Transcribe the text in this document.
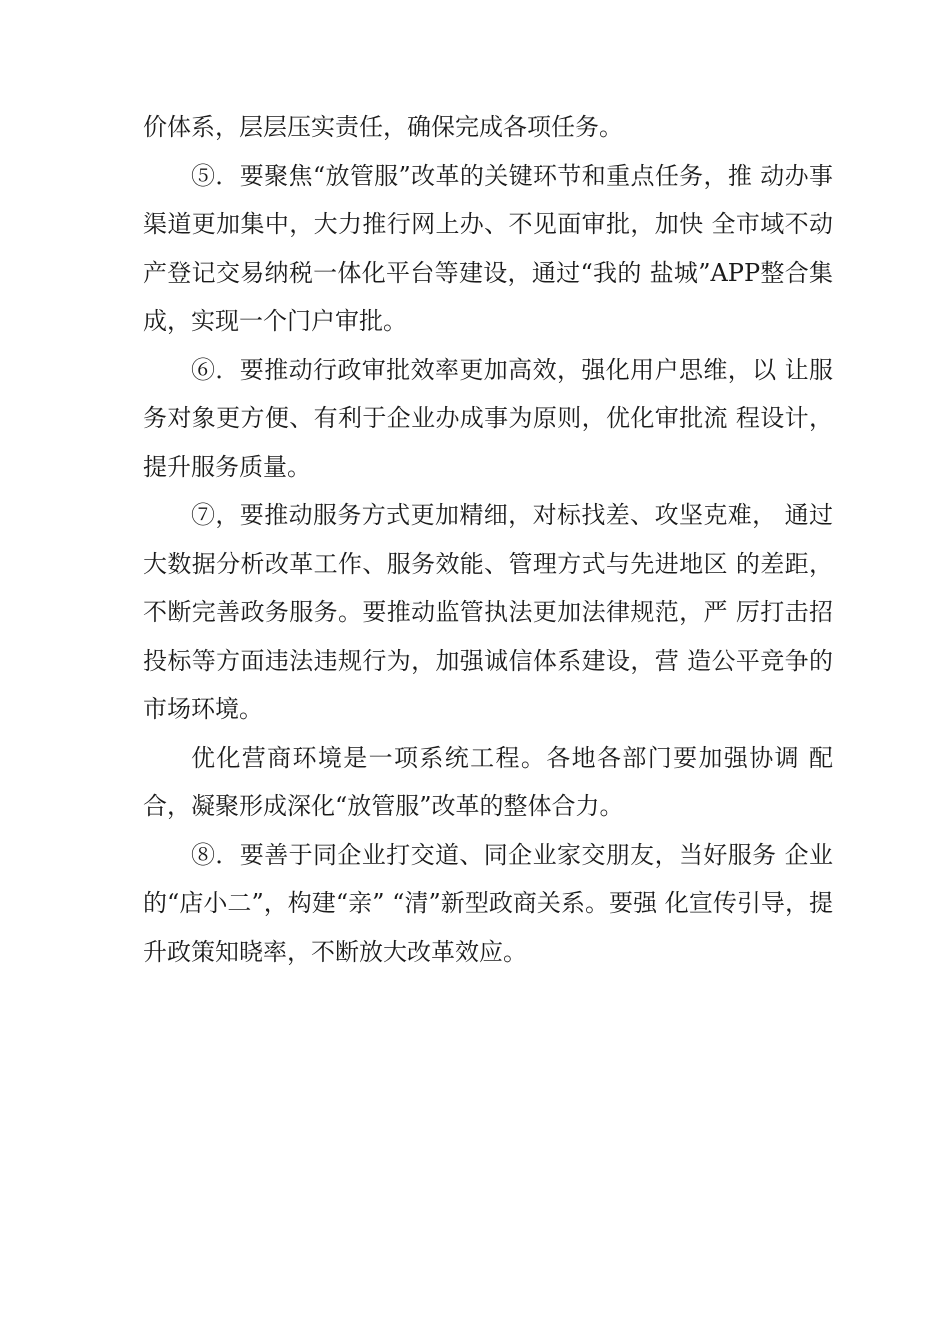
价体系，层层压实责任，确保完成各项任务。

⑤．要聚焦“放管服”改革的关键环节和重点任务，推 动办事渠道更加集中，大力推行网上办、不见面审批，加快 全市域不动产登记交易纳税一体化平台等建设，通过“我的 盐城”APP整合集成，实现一个门户审批。

⑥．要推动行政审批效率更加高效，强化用户思维，以 让服务对象更方便、有利于企业办成事为原则，优化审批流 程设计，提升服务质量。

⑦，要推动服务方式更加精细，对标找差、攻坚克难， 通过大数据分析改革工作、服务效能、管理方式与先进地区 的差距，不断完善政务服务。要推动监管执法更加法律规范，严 厉打击招投标等方面违法违规行为，加强诚信体系建设，营 造公平竞争的市场环境。

优化营商环境是一项系统工程。各地各部门要加强协调 配合，凝聚形成深化“放管服”改革的整体合力。

⑧．要善于同企业打交道、同企业家交朋友，当好服务 企业的“店小二”，构建“亲” “清”新型政商关系。要强 化宣传引导，提升政策知晓率，不断放大改革效应。
